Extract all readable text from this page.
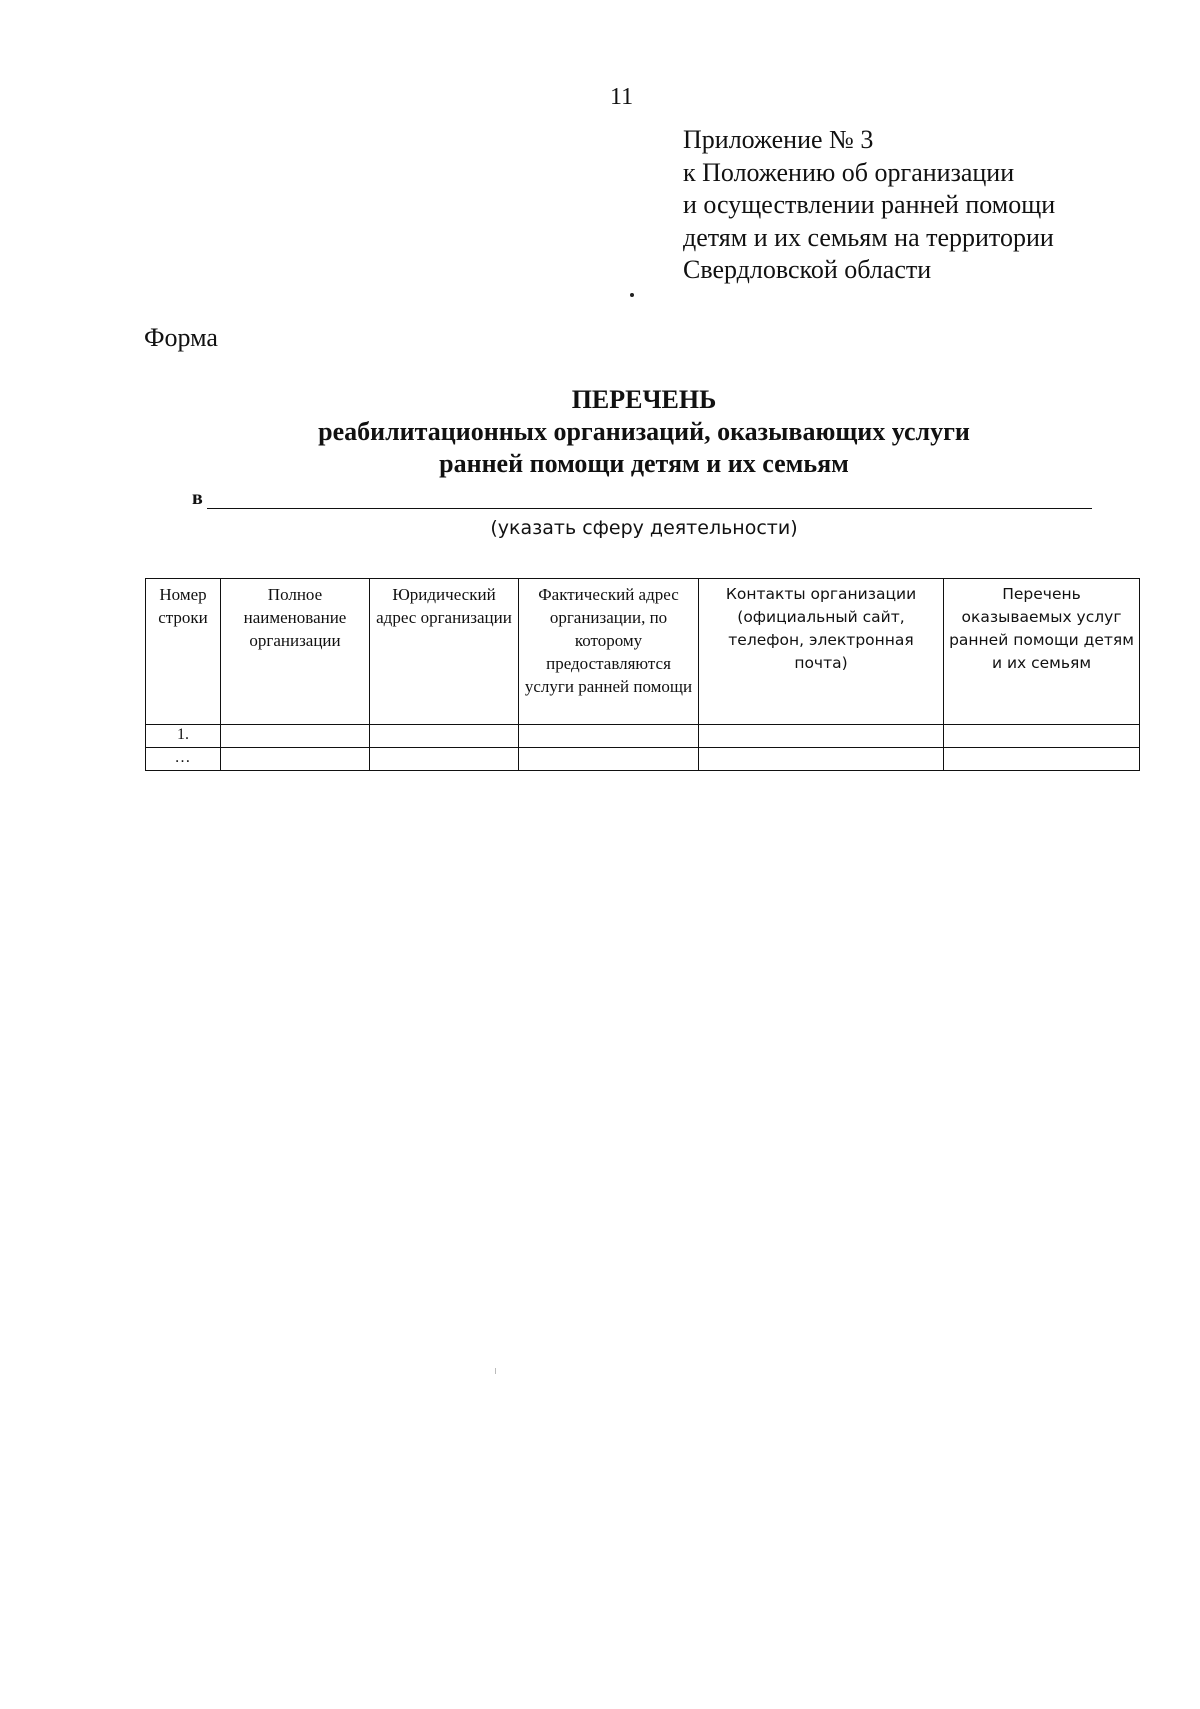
11
Приложение № 3
к Положению об организации
и осуществлении ранней помощи
детям и их семьям на территории
Свердловской области
Форма
ПЕРЕЧЕНЬ
реабилитационных организаций, оказывающих услуги
ранней помощи детям и их семьям
в
(указать сферу деятельности)
Номер строки	Полное наименование организации	Юридический адрес организации	Фактический адрес организации, по которому предоставляются услуги ранней помощи	Контакты организации (официальный сайт, телефон, электронная почта)	Перечень оказываемых услуг ранней помощи детям и их семьям
1.					
…					
